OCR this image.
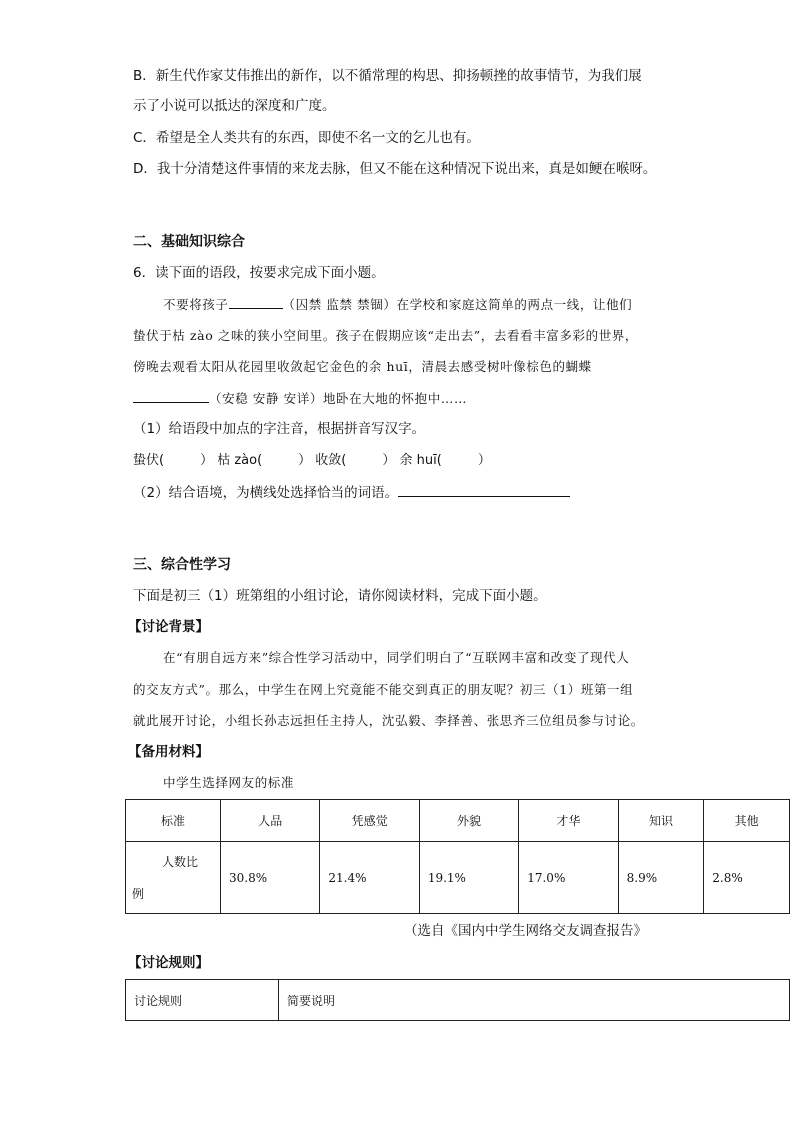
B．新生代作家艾伟推出的新作，以不循常理的构思、抑扬顿挫的故事情节，为我们展
示了小说可以抵达的深度和广度。
C．希望是全人类共有的东西，即使不名一文的乞儿也有。
D．我十分清楚这件事情的来龙去脉，但又不能在这种情况下说出来，真是如鲠在喉呀。
二、基础知识综合
6．读下面的语段，按要求完成下面小题。
不要将孩子	（囚禁 监禁 禁锢）在学校和家庭这简单的两点一线，让他们
蛰伏于枯 zào 之味的狭小空间里。孩子在假期应该“走出去”，去看看丰富多彩的世界，
傍晚去观看太阳从花园里收敛起它金色的余 huī，清晨去感受树叶像棕色的蝴蝶
（安稳 安静 安详）地卧在大地的怀抱中……
（1）给语段中加点的字注音，根据拼音写汉字。
蛰伏(	） 枯 zào(	） 收敛(	） 余 huī(	）
（2）结合语境，为横线处选择恰当的词语。
三、综合性学习
下面是初三（1）班第组的小组讨论，请你阅读材料，完成下面小题。
【讨论背景】
在“有朋自远方来”综合性学习活动中，同学们明白了“互联网丰富和改变了现代人
的交友方式”。那么，中学生在网上究竟能不能交到真正的朋友呢？初三（1）班第一组
就此展开讨论，小组长孙志远担任主持人，沈弘毅、李择善、张思齐三位组员参与讨论。
【备用材料】
中学生选择网友的标准
标准	人品	凭感觉	外貌	才华	知识	其他

人数比
例	30.8%	21.4%	19.1%	17.0%	8.9%	2.8%
（选自《国内中学生网络交友调查报告》
【讨论规则】
讨论规则	简要说明
